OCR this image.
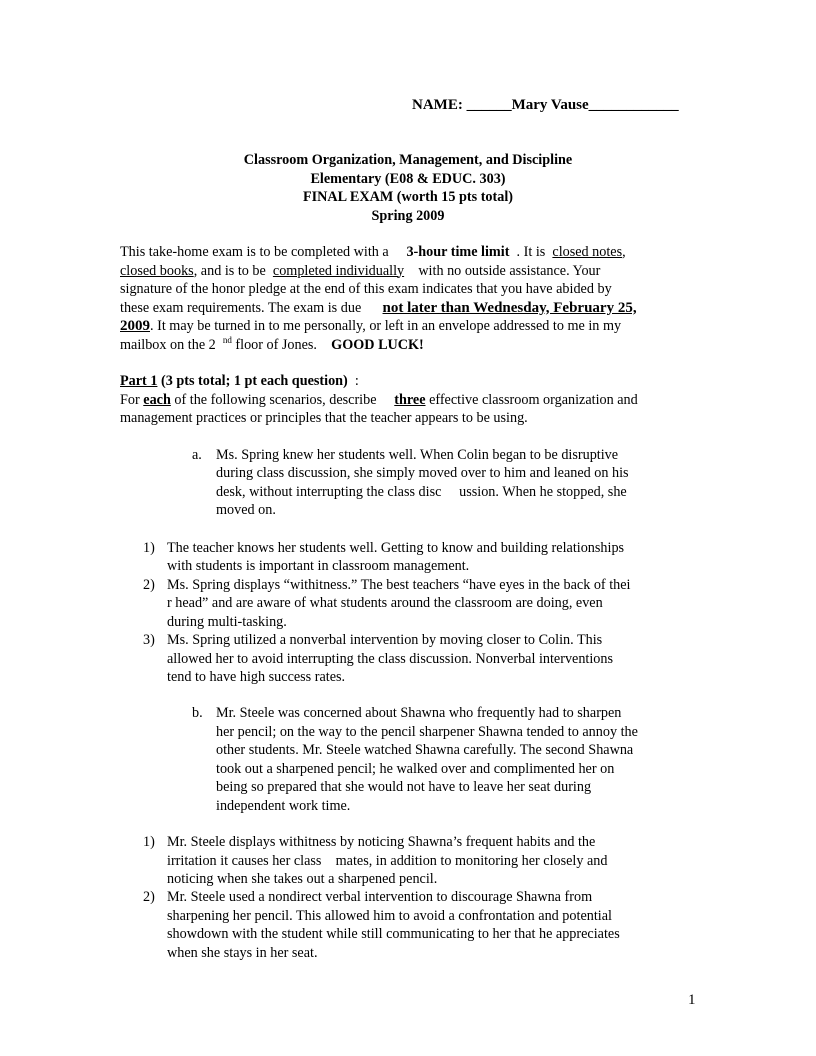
NAME: ______Mary Vause____________
Classroom Organization, Management, and Discipline
Elementary (E08 & EDUC. 303)
FINAL EXAM (worth 15 pts total)
Spring 2009
This take-home exam is to be completed with a 3-hour time limit . It is closed notes,
closed books, and is to be completed individually with no outside assistance. Your
signature of the honor pledge at the end of this exam indicates that you have abided by
these exam requirements. The exam is due not later than Wednesday, February 25,
2009. It may be turned in to me personally, or left in an envelope addressed to me in my
mailbox on the 2 $^{nd}$ floor of Jones. GOOD LUCK!
Part 1 (3 pts total; 1 pt each question) :
For each of the following scenarios, describe three effective classroom organization and
management practices or principles that the teacher appears to be using.
a. Ms. Spring knew her students well. When Colin began to be disruptive
during class discussion, she simply moved over to him and leaned on his
desk, without interrupting the class disc     ussion. When he stopped, she
moved on.
1) The teacher knows her students well. Getting to know and building relationships
with students is important in classroom management.
2) Ms. Spring displays “withitness.” The best teachers “have eyes in the back of thei
r head” and are aware of what students around the classroom are doing, even
during multi-tasking.
3) Ms. Spring utilized a nonverbal intervention by moving closer to Colin. This
allowed her to avoid interrupting the class discussion. Nonverbal interventions
tend to have high success rates.
b. Mr. Steele was concerned about Shawna who frequently had to sharpen
her pencil; on the way to the pencil sharpener Shawna tended to annoy the
other students. Mr. Steele watched Shawna carefully. The second Shawna
took out a sharpened pencil; he walked over and complimented her on
being so prepared that she would not have to leave her seat during
independent work time.
1) Mr. Steele displays withitness by noticing Shawna’s frequent habits and the
irritation it causes her class    mates, in addition to monitoring her closely and
noticing when she takes out a sharpened pencil.
2) Mr. Steele used a nondirect verbal intervention to discourage Shawna from
sharpening her pencil. This allowed him to avoid a confrontation and potential
showdown with the student while still communicating to her that he appreciates
when she stays in her seat.
1
